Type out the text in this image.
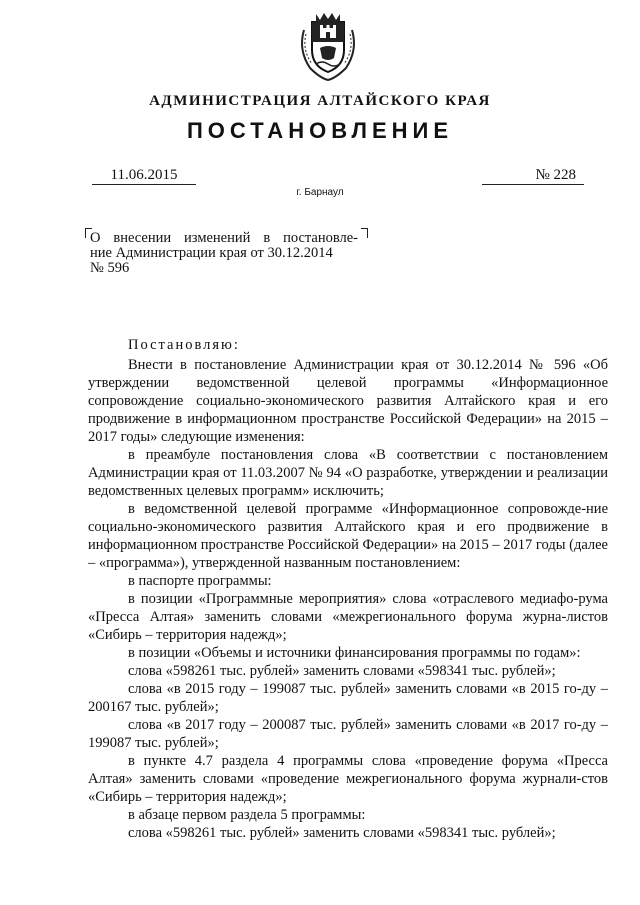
АДМИНИСТРАЦИЯ АЛТАЙСКОГО КРАЯ
ПОСТАНОВЛЕНИЕ
11.06.2015	№ 228
г. Барнаул
О внесении изменений в постановле-
ние Администрации края от 30.12.2014
№ 596

Постановляю:

Внести в постановление Администрации края от 30.12.2014 № 596 «Об утверждении ведомственной целевой программы «Информационное сопровождение социально-экономического развития Алтайского края и его продвижение в информационном пространстве Российской Федерации» на 2015 – 2017 годы» следующие изменения:

в преамбуле постановления слова «В соответствии с постановлением Администрации края от 11.03.2007 № 94 «О разработке, утверждении и реализации ведомственных целевых программ» исключить;

в ведомственной целевой программе «Информационное сопровожде-ние социально-экономического развития Алтайского края и его продвижение в информационном пространстве Российской Федерации» на 2015 – 2017 годы (далее – «программа»), утвержденной названным постановлением:

в паспорте программы:

в позиции «Программные мероприятия» слова «отраслевого медиафо-рума «Пресса Алтая» заменить словами «межрегионального форума журна-листов «Сибирь – территория надежд»;

в позиции «Объемы и источники финансирования программы по годам»:

слова «598261 тыс. рублей» заменить словами «598341 тыс. рублей»;

слова «в 2015 году – 199087 тыс. рублей» заменить словами «в 2015 го-ду – 200167 тыс. рублей»;

слова «в 2017 году – 200087 тыс. рублей» заменить словами «в 2017 го-ду – 199087 тыс. рублей»;

в пункте 4.7 раздела 4 программы слова «проведение форума «Пресса Алтая» заменить словами «проведение межрегионального форума журнали-стов «Сибирь – территория надежд»;

в абзаце первом раздела 5 программы:

слова «598261 тыс. рублей» заменить словами «598341 тыс. рублей»;
